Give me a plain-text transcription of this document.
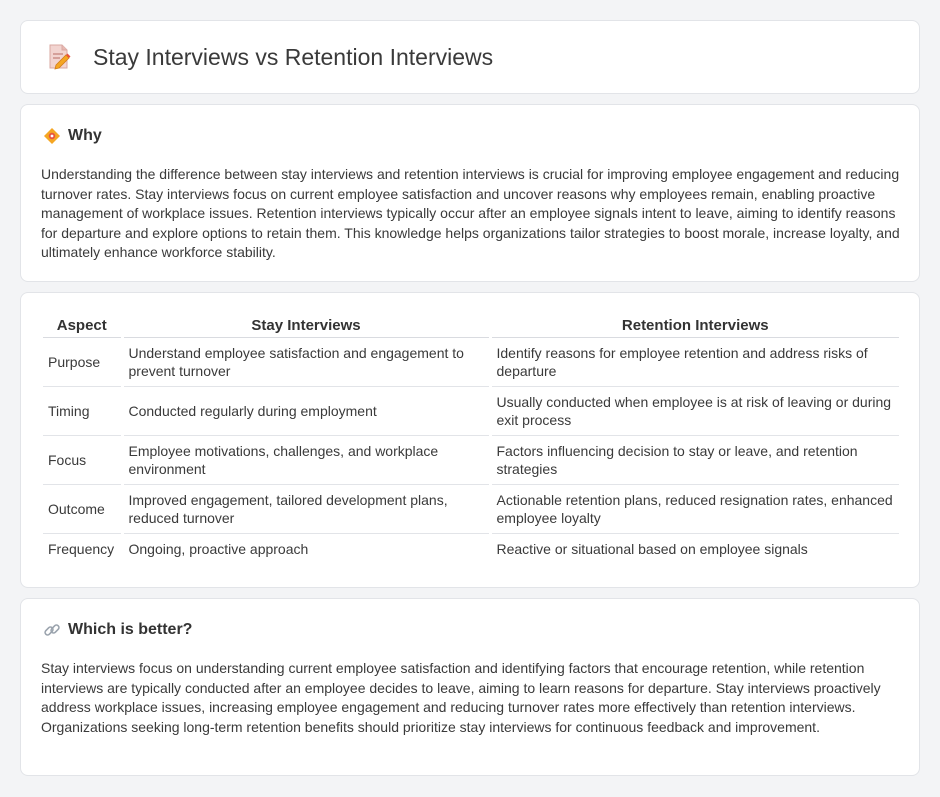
Stay Interviews vs Retention Interviews
Why

Understanding the difference between stay interviews and retention interviews is crucial for improving employee engagement and reducing turnover rates. Stay interviews focus on current employee satisfaction and uncover reasons why employees remain, enabling proactive management of workplace issues. Retention interviews typically occur after an employee signals intent to leave, aiming to identify reasons for departure and explore options to retain them. This knowledge helps organizations tailor strategies to boost morale, increase loyalty, and ultimately enhance workforce stability.

Aspect	Stay Interviews	Retention Interviews
Purpose	Understand employee satisfaction and engagement to prevent turnover	Identify reasons for employee retention and address risks of departure
Timing	Conducted regularly during employment	Usually conducted when employee is at risk of leaving or during exit process
Focus	Employee motivations, challenges, and workplace environment	Factors influencing decision to stay or leave, and retention strategies
Outcome	Improved engagement, tailored development plans, reduced turnover	Actionable retention plans, reduced resignation rates, enhanced employee loyalty
Frequency	Ongoing, proactive approach	Reactive or situational based on employee signals
Which is better?

Stay interviews focus on understanding current employee satisfaction and identifying factors that encourage retention, while retention interviews are typically conducted after an employee decides to leave, aiming to learn reasons for departure. Stay interviews proactively address workplace issues, increasing employee engagement and reducing turnover rates more effectively than retention interviews. Organizations seeking long-term retention benefits should prioritize stay interviews for continuous feedback and improvement.
